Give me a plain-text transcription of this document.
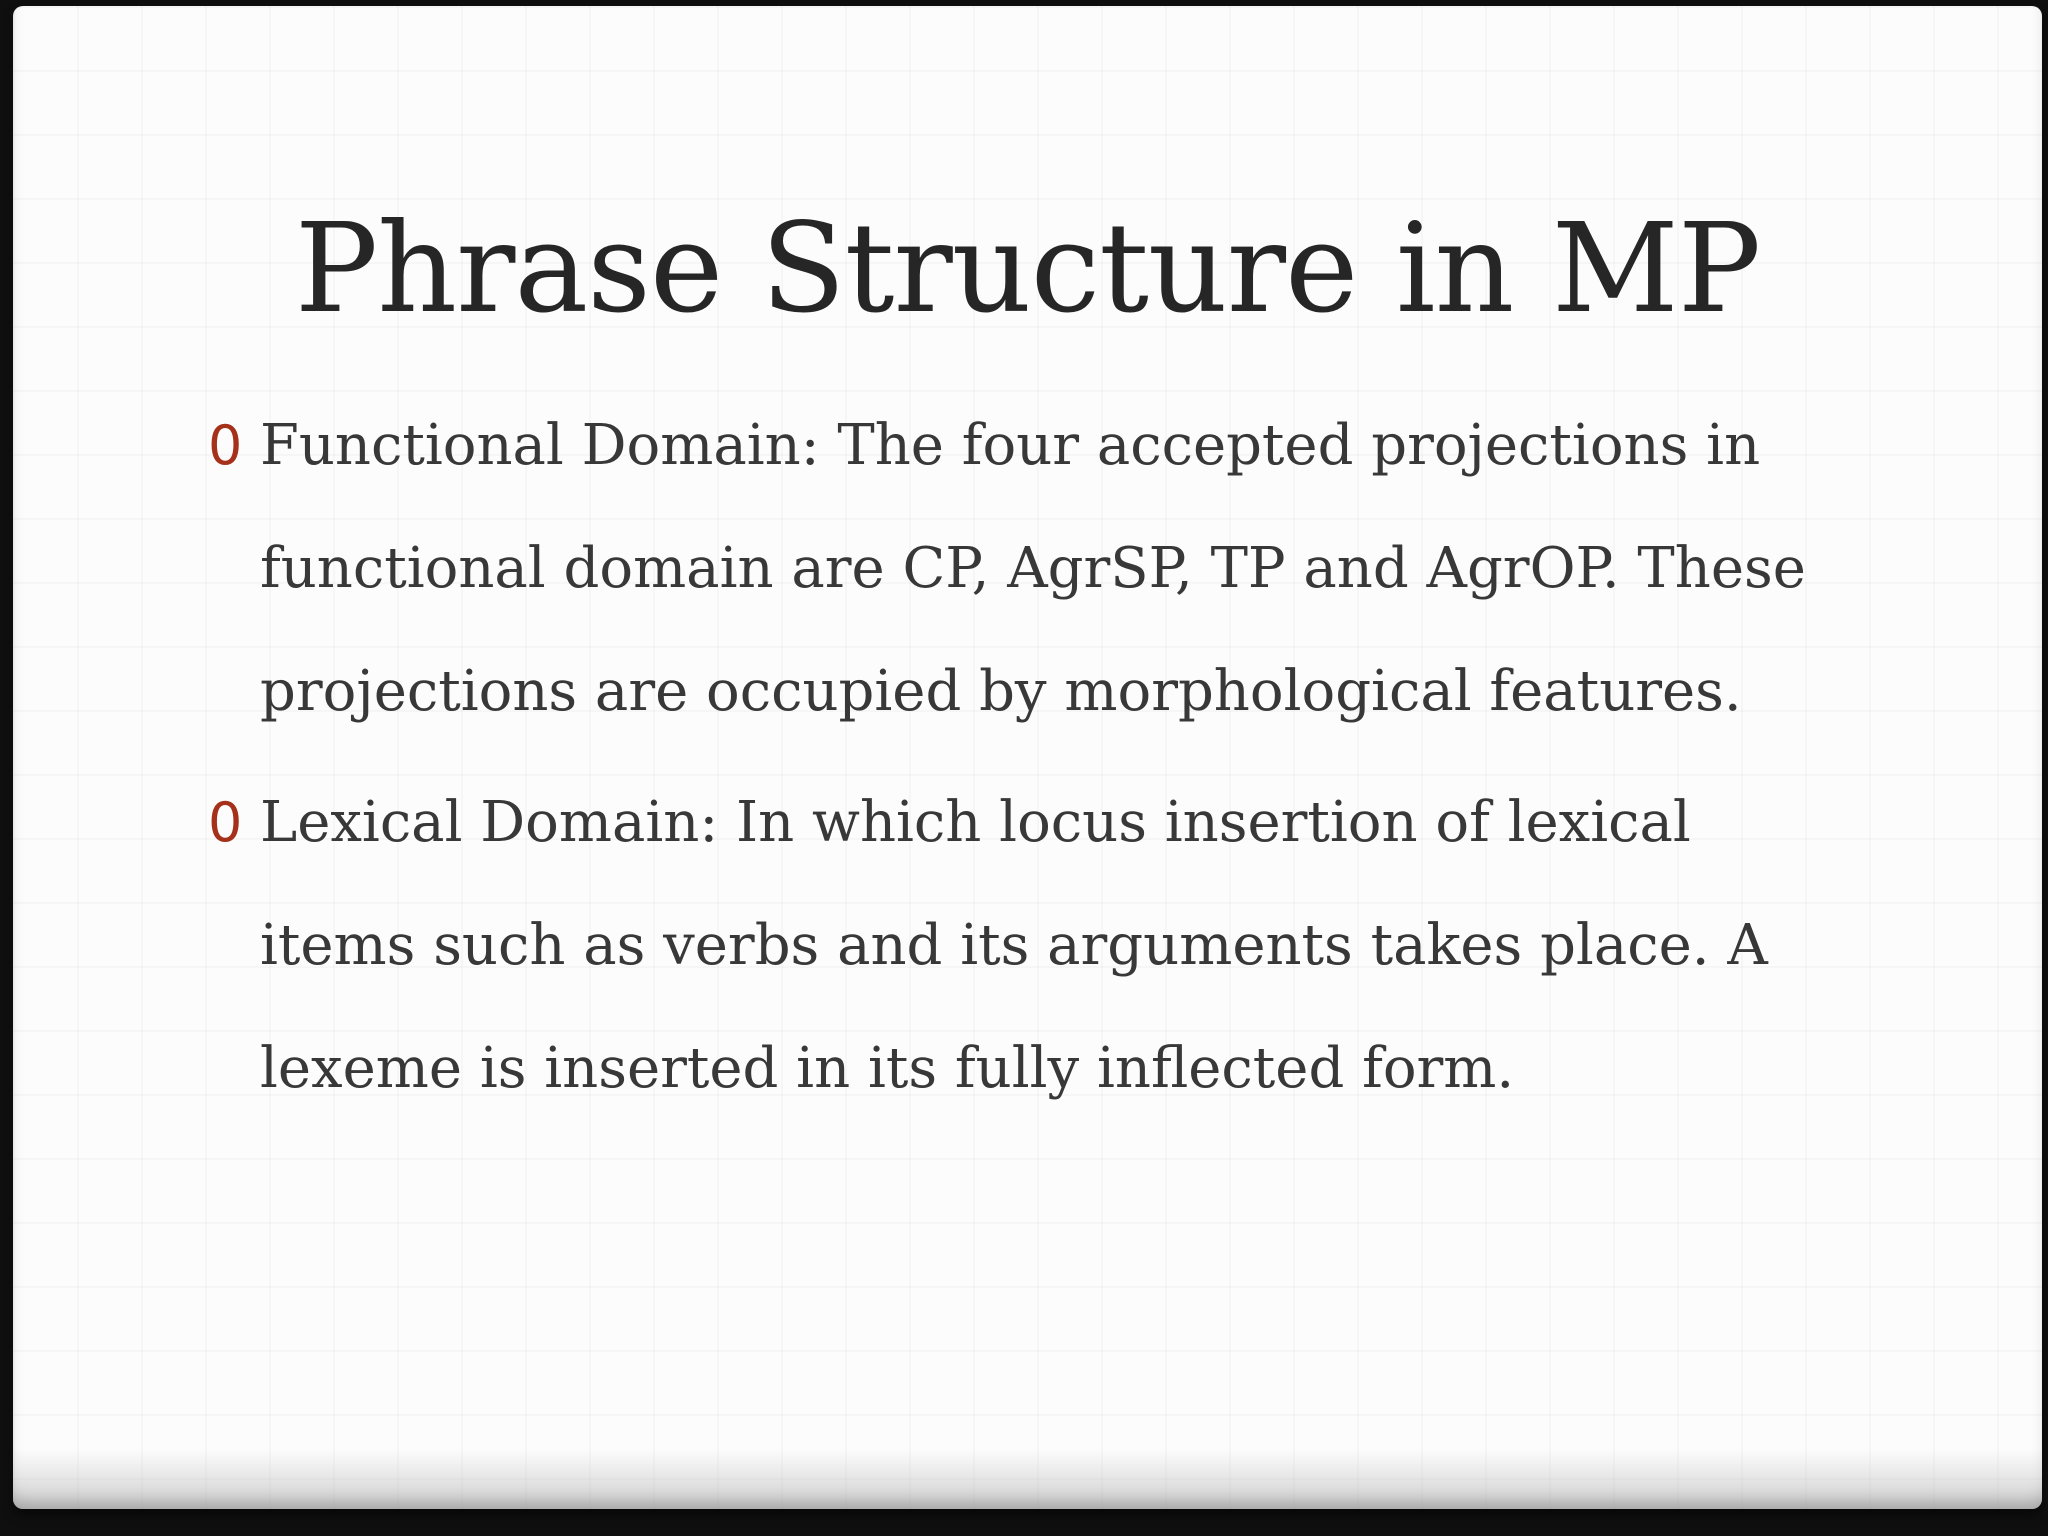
Phrase Structure in MP
0 Functional Domain: The four accepted projections in functional domain are CP, AgrSP, TP and AgrOP. These projections are occupied by morphological features.
0 Lexical Domain: In which locus insertion of lexical items such as verbs and its arguments takes place. A lexeme is inserted in its fully inflected form.
